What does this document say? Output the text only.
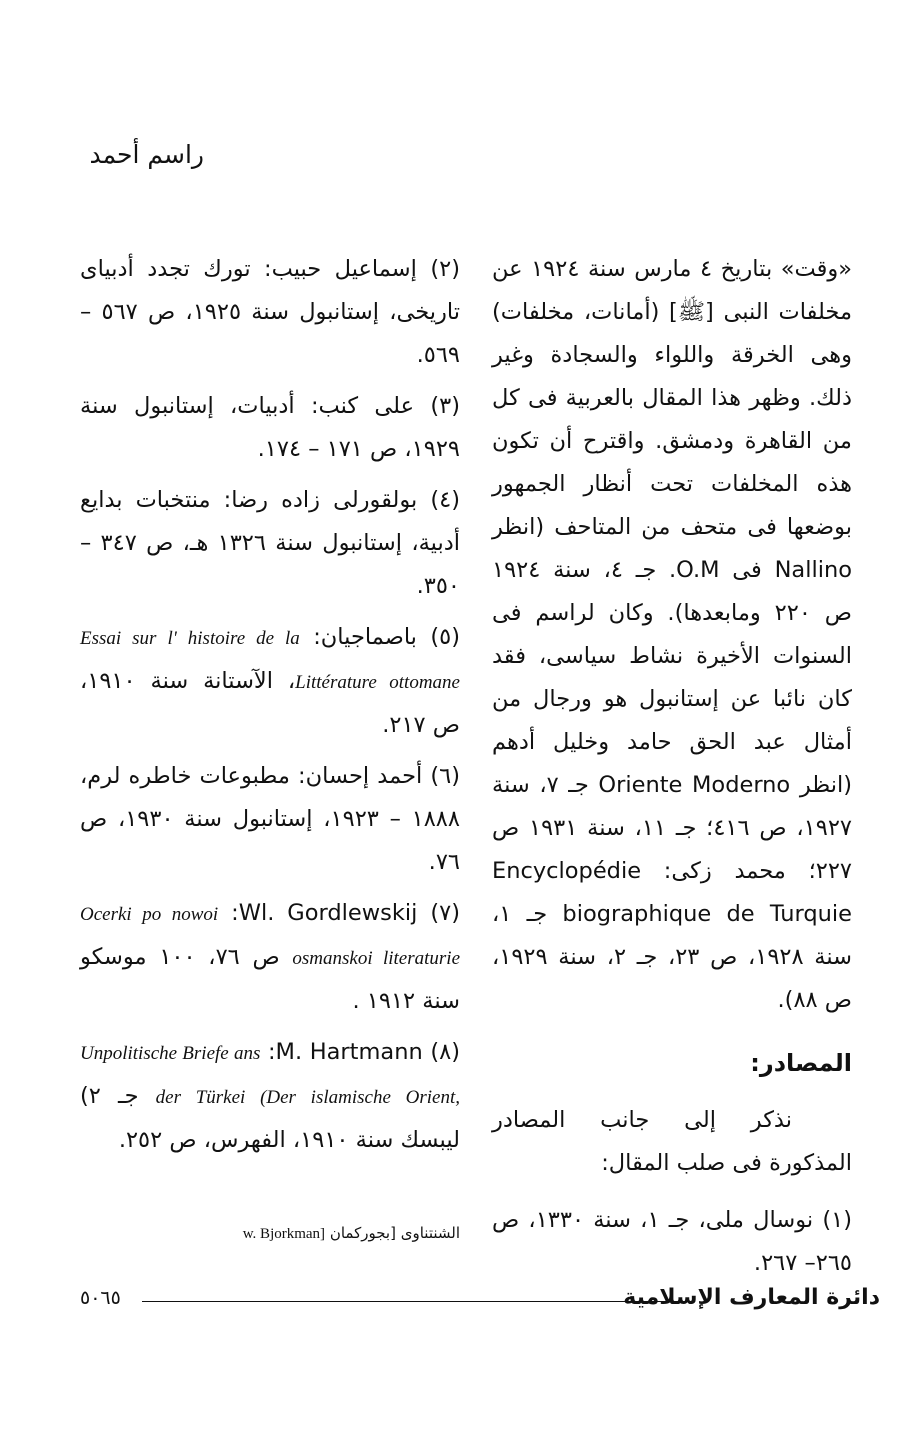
راسم أحمد

«وقت» بتاريخ ٤ مارس سنة ١٩٢٤ عن مخلفات النبى [ﷺ] (أمانات، مخلفات) وهى الخرقة واللواء والسجادة وغير ذلك. وظهر هذا المقال بالعربية فى كل من القاهرة ودمشق. واقترح أن تكون هذه المخلفات تحت أنظار الجمهور بوضعها فى متحف من المتاحف (انظر Nallino فى O.M. جـ ٤، سنة ١٩٢٤ ص ٢٢٠ ومابعدها). وكان لراسم فى السنوات الأخيرة نشاط سياسى، فقد كان نائبا عن إستانبول هو ورجال من أمثال عبد الحق حامد وخليل أدهم (انظر Oriente Moderno جـ ٧، سنة ١٩٢٧، ص ٤١٦؛ جـ ١١، سنة ١٩٣١ ص ٢٢٧؛ محمد زكى: Encyclopédie biographique de Turquie جـ ١، سنة ١٩٢٨، ص ٢٣، جـ ٢، سنة ١٩٢٩، ص ٨٨).

المصادر:

نذكر إلى جانب المصادر المذكورة فى صلب المقال:

(١) نوسال ملى، جـ ١، سنة ١٣٣٠، ص ٢٦٥– ٢٦٧.

(٢) إسماعيل حبيب: تورك تجدد أدبياى تاريخى، إستانبول سنة ١٩٢٥، ص ٥٦٧ – ٥٦٩.

(٣) على كنب: أدبيات، إستانبول سنة ١٩٢٩، ص ١٧١ – ١٧٤.

(٤) بولقورلى زاده رضا: منتخبات بدايع أدبية، إستانبول سنة ١٣٢٦ هـ، ص ٣٤٧ – ٣٥٠.

(٥) باصماجيان: Essai sur l' histoire de la Littérature ottomane، الآستانة سنة ١٩١٠، ص ٢١٧.

(٦) أحمد إحسان: مطبوعات خاطره لرم، ١٨٨٨ – ١٩٢٣، إستانبول سنة ١٩٣٠، ص ٧٦.

(٧) Wl. Gordlewskij: Ocerki po nowoi osmanskoi literaturie ص ٧٦، ١٠٠ موسكو سنة ١٩١٢ .

(٨) M. Hartmann: Unpolitische Briefe ans der Türkei (Der islamische Orient, جـ ٢) ليبسك سنة ١٩١٠، الفهرس، ص ٢٥٢.

الشنتناوى [بجوركمان w. Bjorkman]
دائرة المعارف الإسلامية
٥٠٦٥
